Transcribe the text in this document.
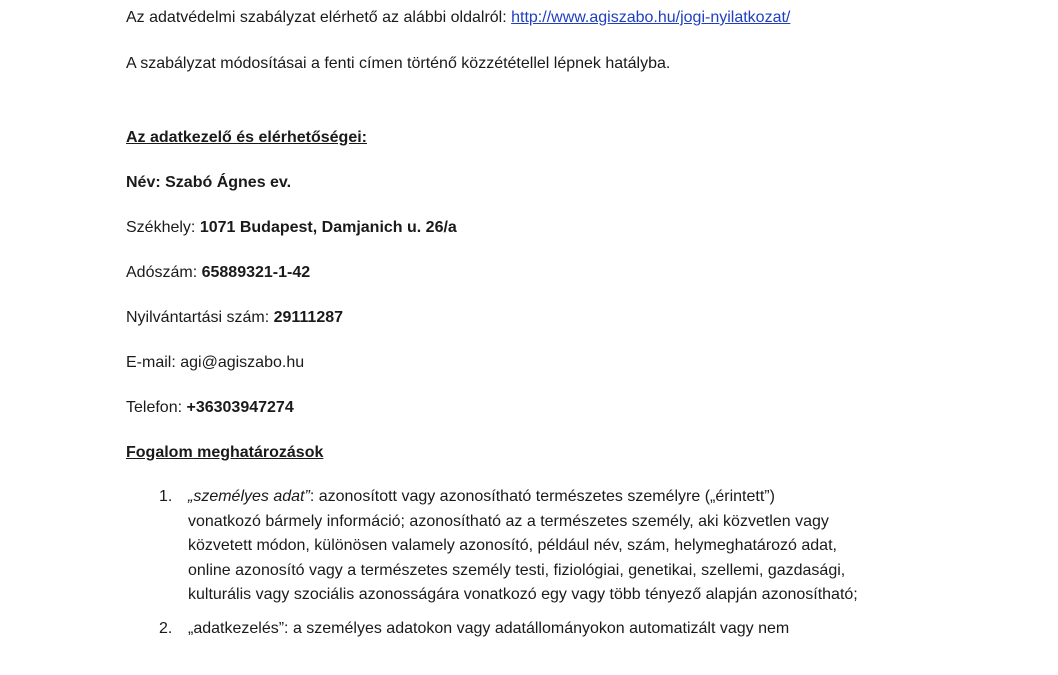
Az adatvédelmi szabályzat elérhető az alábbi oldalról: http://www.agiszabo.hu/jogi-nyilatkozat/
A szabályzat módosításai a fenti címen történő közzététellel lépnek hatályba.
Az adatkezelő és elérhetőségei:
Név: Szabó Ágnes ev.
Székhely: 1071 Budapest, Damjanich u. 26/a
Adószám: 65889321-1-42
Nyilvántartási szám: 29111287
E-mail: agi@agiszabo.hu
Telefon: +36303947274
Fogalom meghatározások
1. „személyes adat”: azonosított vagy azonosítható természetes személyre („érintett”)
vonatkozó bármely információ; azonosítható az a természetes személy, aki közvetlen vagy
közvetett módon, különösen valamely azonosító, például név, szám, helymeghatározó adat,
online azonosító vagy a természetes személy testi, fiziológiai, genetikai, szellemi, gazdasági,
kulturális vagy szociális azonosságára vonatkozó egy vagy több tényező alapján azonosítható;
2. „adatkezelés”: a személyes adatokon vagy adatállományokon automatizált vagy nem
